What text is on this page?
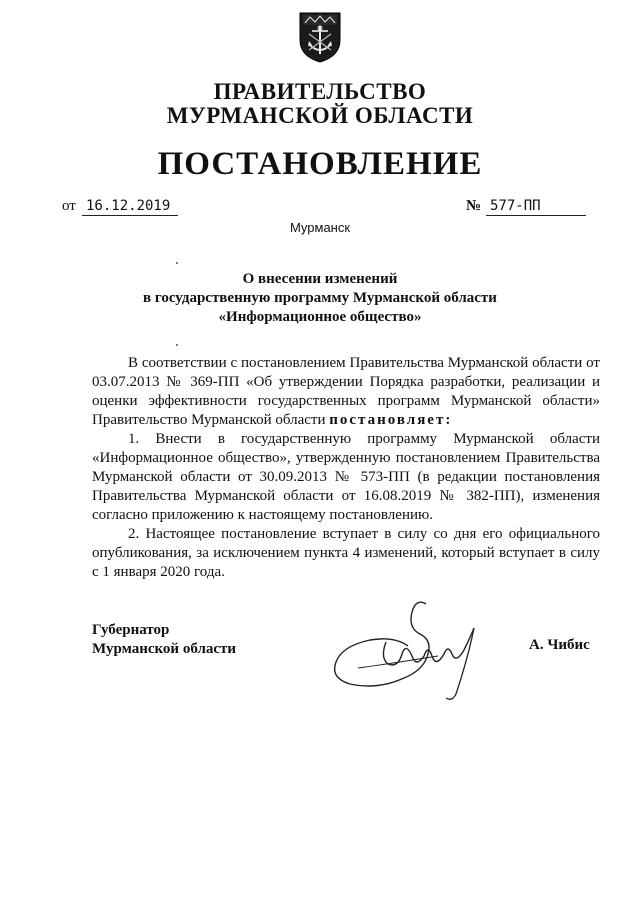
ПРАВИТЕЛЬСТВО
МУРМАНСКОЙ ОБЛАСТИ
ПОСТАНОВЛЕНИЕ
от 16.12.2019	№ 577-ПП
Мурманск
О внесении изменений
в государственную программу Мурманской области
«Информационное общество»

В соответствии с постановлением Правительства Мурманской области от 03.07.2013 № 369-ПП «Об утверждении Порядка разработки, реализации и оценки эффективности государственных программ Мурманской области» Правительство Мурманской области постановляет:

1. Внести в государственную программу Мурманской области «Информационное общество», утвержденную постановлением Правительства Мурманской области от 30.09.2013 № 573-ПП (в редакции постановления Правительства Мурманской области от 16.08.2019 № 382-ПП), изменения согласно приложению к настоящему постановлению.

2. Настоящее постановление вступает в силу со дня его официального опубликования, за исключением пункта 4 изменений, который вступает в силу с 1 января 2020 года.

Губернатор
Мурманской области	А. Чибис
